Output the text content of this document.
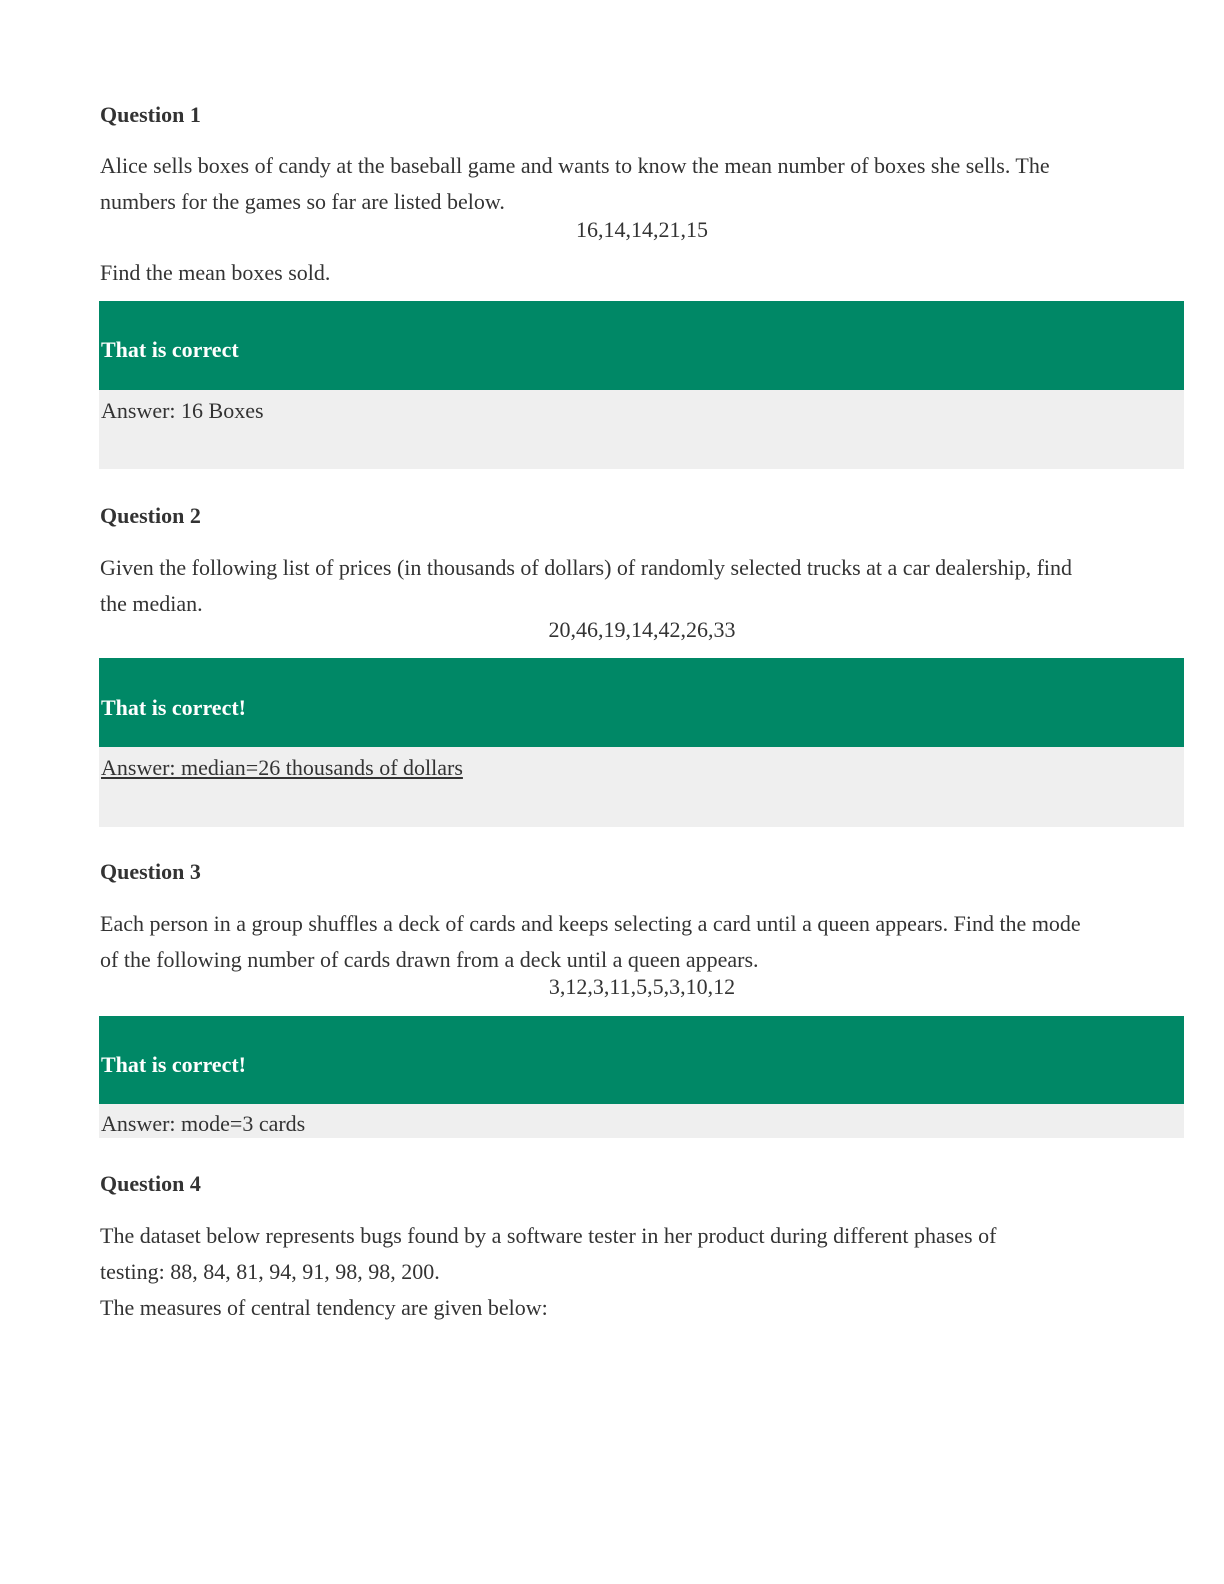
Question 1
Alice sells boxes of candy at the baseball game and wants to know the mean number of boxes she sells. The
numbers for the games so far are listed below.
16,14,14,21,15
Find the mean boxes sold.
That is correct
Answer: 16 Boxes
Question 2
Given the following list of prices (in thousands of dollars) of randomly selected trucks at a car dealership, find
the median.
20,46,19,14,42,26,33
That is correct!
Answer: median=26 thousands of dollars
Question 3
Each person in a group shuffles a deck of cards and keeps selecting a card until a queen appears. Find the mode
of the following number of cards drawn from a deck until a queen appears.
3,12,3,11,5,5,3,10,12
That is correct!
Answer: mode=3 cards
Question 4
The dataset below represents bugs found by a software tester in her product during different phases of
testing: 88, 84, 81, 94, 91, 98, 98, 200.
The measures of central tendency are given below:
